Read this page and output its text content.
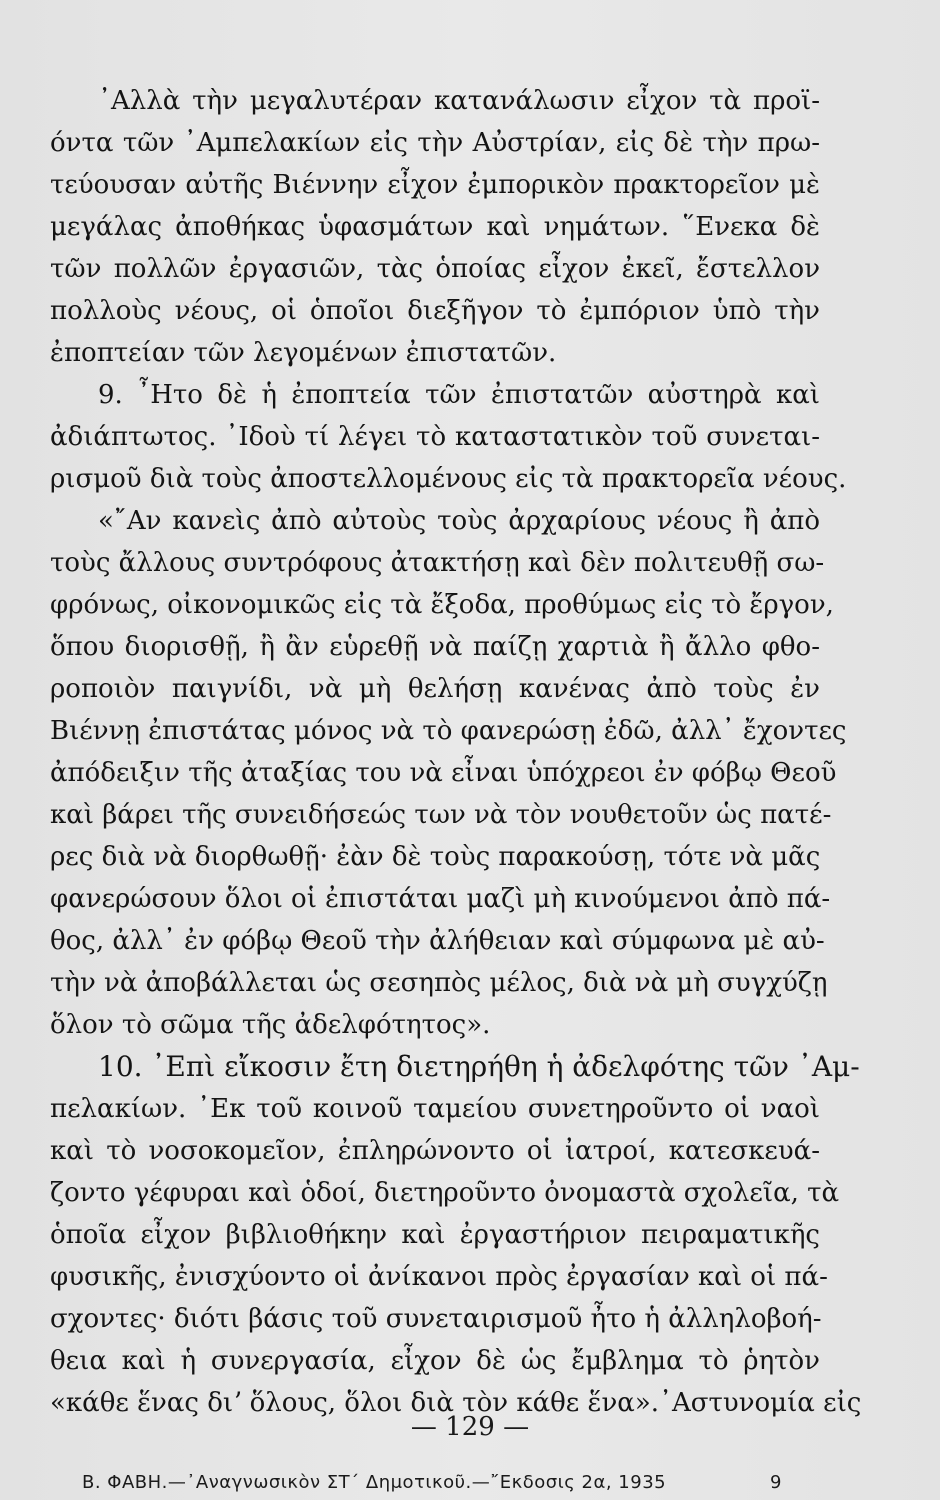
᾿Αλλὰ τὴν μεγαλυτέραν κατανάλωσιν εἶχον τὰ προϊ-
όντα τῶν ᾿Αμπελακίων εἰς τὴν Αὐστρίαν, εἰς δὲ τὴν πρω-
τεύουσαν αὐτῆς Βιέννην εἶχον ἐμπορικὸν πρακτορεῖον μὲ
μεγάλας ἀποθήκας ὑφασμάτων καὶ νημάτων. ῞Ενεκα δὲ
τῶν πολλῶν ἐργασιῶν, τὰς ὁποίας εἶχον ἐκεῖ, ἔστελλον
πολλοὺς νέους, οἱ ὁποῖοι διεξῆγον τὸ ἐμπόριον ὑπὸ τὴν
ἐποπτείαν τῶν λεγομένων ἐπιστατῶν.
9. ῏Ητο δὲ ἡ ἐποπτεία τῶν ἐπιστατῶν αὐστηρὰ καὶ
ἀδιάπτωτος. ᾿Ιδοὺ τί λέγει τὸ καταστατικὸν τοῦ συνεται-
ρισμοῦ διὰ τοὺς ἀποστελλομένους εἰς τὰ πρακτορεῖα νέους.
«῎Αν κανεὶς ἀπὸ αὐτοὺς τοὺς ἀρχαρίους νέους ἢ ἀπὸ
τοὺς ἄλλους συντρόφους ἀτακτήσῃ καὶ δὲν πολιτευθῇ σω-
φρόνως, οἰκονομικῶς εἰς τὰ ἔξοδα, προθύμως εἰς τὸ ἔργον,
ὅπου διορισθῇ, ἢ ἂν εὑρεθῇ νὰ παίζῃ χαρτιὰ ἢ ἄλλο φθο-
ροποιὸν παιγνίδι, νὰ μὴ θελήσῃ κανένας ἀπὸ τοὺς ἐν
Βιέννῃ ἐπιστάτας μόνος νὰ τὸ φανερώσῃ ἐδῶ, ἀλλ᾿ ἔχοντες
ἀπόδειξιν τῆς ἀταξίας του νὰ εἶναι ὑπόχρεοι ἐν φόβῳ Θεοῦ
καὶ βάρει τῆς συνειδήσεώς των νὰ τὸν νουθετοῦν ὡς πατέ-
ρες διὰ νὰ διορθωθῇ· ἐὰν δὲ τοὺς παρακούσῃ, τότε νὰ μᾶς
φανερώσουν ὅλοι οἱ ἐπιστάται μαζὶ μὴ κινούμενοι ἀπὸ πά-
θος, ἀλλ᾿ ἐν φόβῳ Θεοῦ τὴν ἀλήθειαν καὶ σύμφωνα μὲ αὐ-
τὴν νὰ ἀποβάλλεται ὡς σεσηπὸς μέλος, διὰ νὰ μὴ συγχύζῃ
ὅλον τὸ σῶμα τῆς ἀδελφότητος».
10. ᾿Επὶ εἴκοσιν ἔτη διετηρήθη ἡ ἀδελφότης τῶν ᾿Αμ-
πελακίων. ᾿Εκ τοῦ κοινοῦ ταμείου συνετηροῦντο οἱ ναοὶ
καὶ τὸ νοσοκομεῖον, ἐπληρώνοντο οἱ ἰατροί, κατεσκευά-
ζοντο γέφυραι καὶ ὁδοί, διετηροῦντο ὀνομαστὰ σχολεῖα, τὰ
ὁποῖα εἶχον βιβλιοθήκην καὶ ἐργαστήριον πειραματικῆς
φυσικῆς, ἐνισχύοντο οἱ ἀνίκανοι πρὸς ἐργασίαν καὶ οἱ πά-
σχοντες· διότι βάσις τοῦ συνεταιρισμοῦ ἦτο ἡ ἀλληλοβοή-
θεια καὶ ἡ συνεργασία, εἶχον δὲ ὡς ἔμβλημα τὸ ῥητὸν
«κάθε ἕνας διʼ ὅλους, ὅλοι διὰ τὸν κάθε ἕνα».᾿Αστυνομία εἰς
— 129 —
Β. ΦΑΒΗ.—᾿Αναγνωσικὸν ΣΤ΄ Δημοτικοῦ.—῎Εκδοσις 2α, 1935	9
